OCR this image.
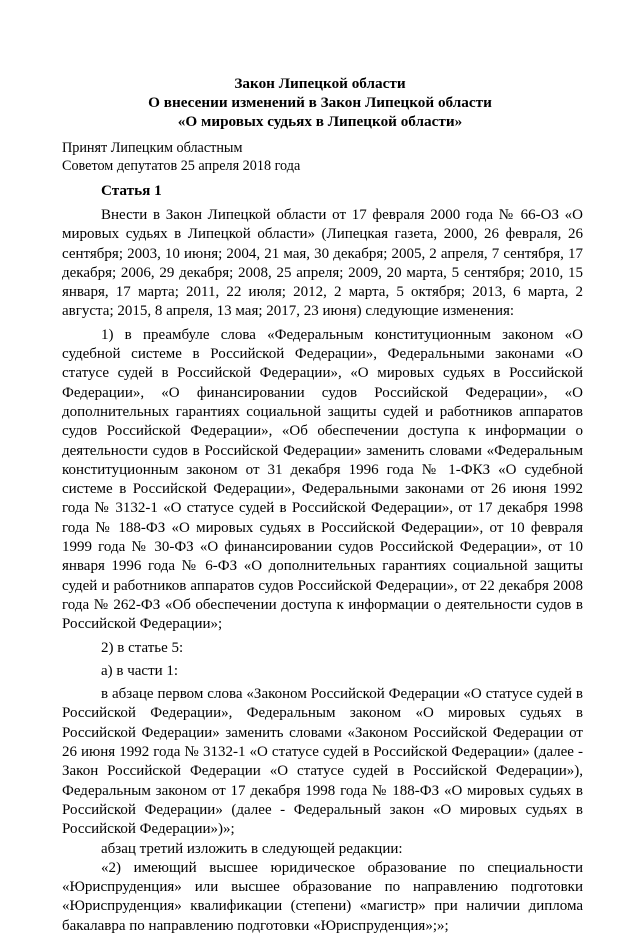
Закон Липецкой области
О внесении изменений в Закон Липецкой области
«О мировых судьях в Липецкой области»
Принят Липецким областным
Советом депутатов 25 апреля 2018 года
Статья 1

Внести в Закон Липецкой области от 17 февраля 2000 года № 66-ОЗ «О мировых судьях в Липецкой области» (Липецкая газета, 2000, 26 февраля, 26 сентября; 2003, 10 июня; 2004, 21 мая, 30 декабря; 2005, 2 апреля, 7 сентября, 17 декабря; 2006, 29 декабря; 2008, 25 апреля; 2009, 20 марта, 5 сентября; 2010, 15 января, 17 марта; 2011, 22 июля; 2012, 2 марта, 5 октября; 2013, 6 марта, 2 августа; 2015, 8 апреля, 13 мая; 2017, 23 июня) следующие изменения:

1) в преамбуле слова «Федеральным конституционным законом «О судебной системе в Российской Федерации», Федеральными законами «О статусе судей в Российской Федерации», «О мировых судьях в Российской Федерации», «О финансировании судов Российской Федерации», «О дополнительных гарантиях социальной защиты судей и работников аппаратов судов Российской Федерации», «Об обеспечении доступа к информации о деятельности судов в Российской Федерации» заменить словами «Федеральным конституционным законом от 31 декабря 1996 года № 1-ФКЗ «О судебной системе в Российской Федерации», Федеральными законами от 26 июня 1992 года № 3132-1 «О статусе судей в Российской Федерации», от 17 декабря 1998 года № 188-ФЗ «О мировых судьях в Российской Федерации», от 10 февраля 1999 года № 30-ФЗ «О финансировании судов Российской Федерации», от 10 января 1996 года № 6-ФЗ «О дополнительных гарантиях социальной защиты судей и работников аппаратов судов Российской Федерации», от 22 декабря 2008 года № 262-ФЗ «Об обеспечении доступа к информации о деятельности судов в Российской Федерации»;

2) в статье 5:

а) в части 1:

в абзаце первом слова «Законом Российской Федерации «О статусе судей в Российской Федерации», Федеральным законом «О мировых судьях в Российской Федерации» заменить словами «Законом Российской Федерации от 26 июня 1992 года № 3132-1 «О статусе судей в Российской Федерации» (далее - Закон Российской Федерации «О статусе судей в Российской Федерации»), Федеральным законом от 17 декабря 1998 года № 188-ФЗ «О мировых судьях в Российской Федерации» (далее - Федеральный закон «О мировых судьях в Российской Федерации»)»;

абзац третий изложить в следующей редакции:

«2) имеющий высшее юридическое образование по специальности «Юриспруденция» или высшее образование по направлению подготовки «Юриспруденция» квалификации (степени) «магистр» при наличии диплома бакалавра по направлению подготовки «Юриспруденция»;»;
